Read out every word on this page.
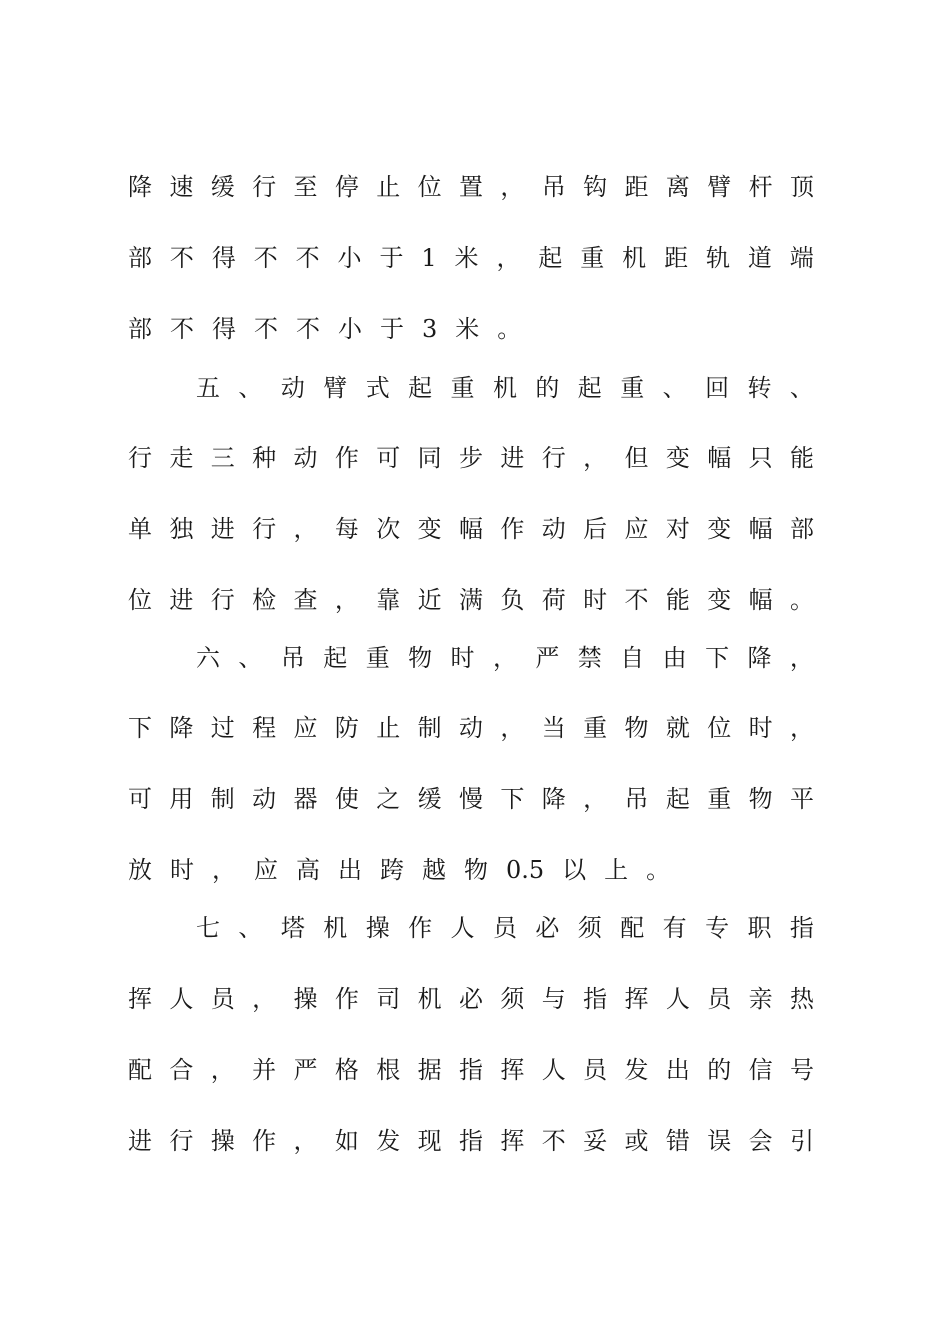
降 速 缓 行 至 停 止 位 置 ， 吊 钩 距 离 臂 杆 顶
部 不 得 不 不 小 于 1 米 ， 起 重 机 距 轨 道 端
部 不 得 不 不 小 于 3 米 。
五 、 动 臂 式 起 重 机 的 起 重 、 回 转 、
行 走 三 种 动 作 可 同 步 进 行 ， 但 变 幅 只 能
单 独 进 行 ， 每 次 变 幅 作 动 后 应 对 变 幅 部
位 进 行 检 查 ， 靠 近 满 负 荷 时 不 能 变 幅 。
六 、 吊 起 重 物 时 ， 严 禁 自 由 下 降 ，
下 降 过 程 应 防 止 制 动 ， 当 重 物 就 位 时 ，
可 用 制 动 器 使 之 缓 慢 下 降 ， 吊 起 重 物 平
放 时 ， 应 高 出 跨 越 物 0.5 以 上 。
七 、 塔 机 操 作 人 员 必 须 配 有 专 职 指
挥 人 员 ， 操 作 司 机 必 须 与 指 挥 人 员 亲 热
配 合 ， 并 严 格 根 据 指 挥 人 员 发 出 的 信 号
进 行 操 作 ， 如 发 现 指 挥 不 妥 或 错 误 会 引
